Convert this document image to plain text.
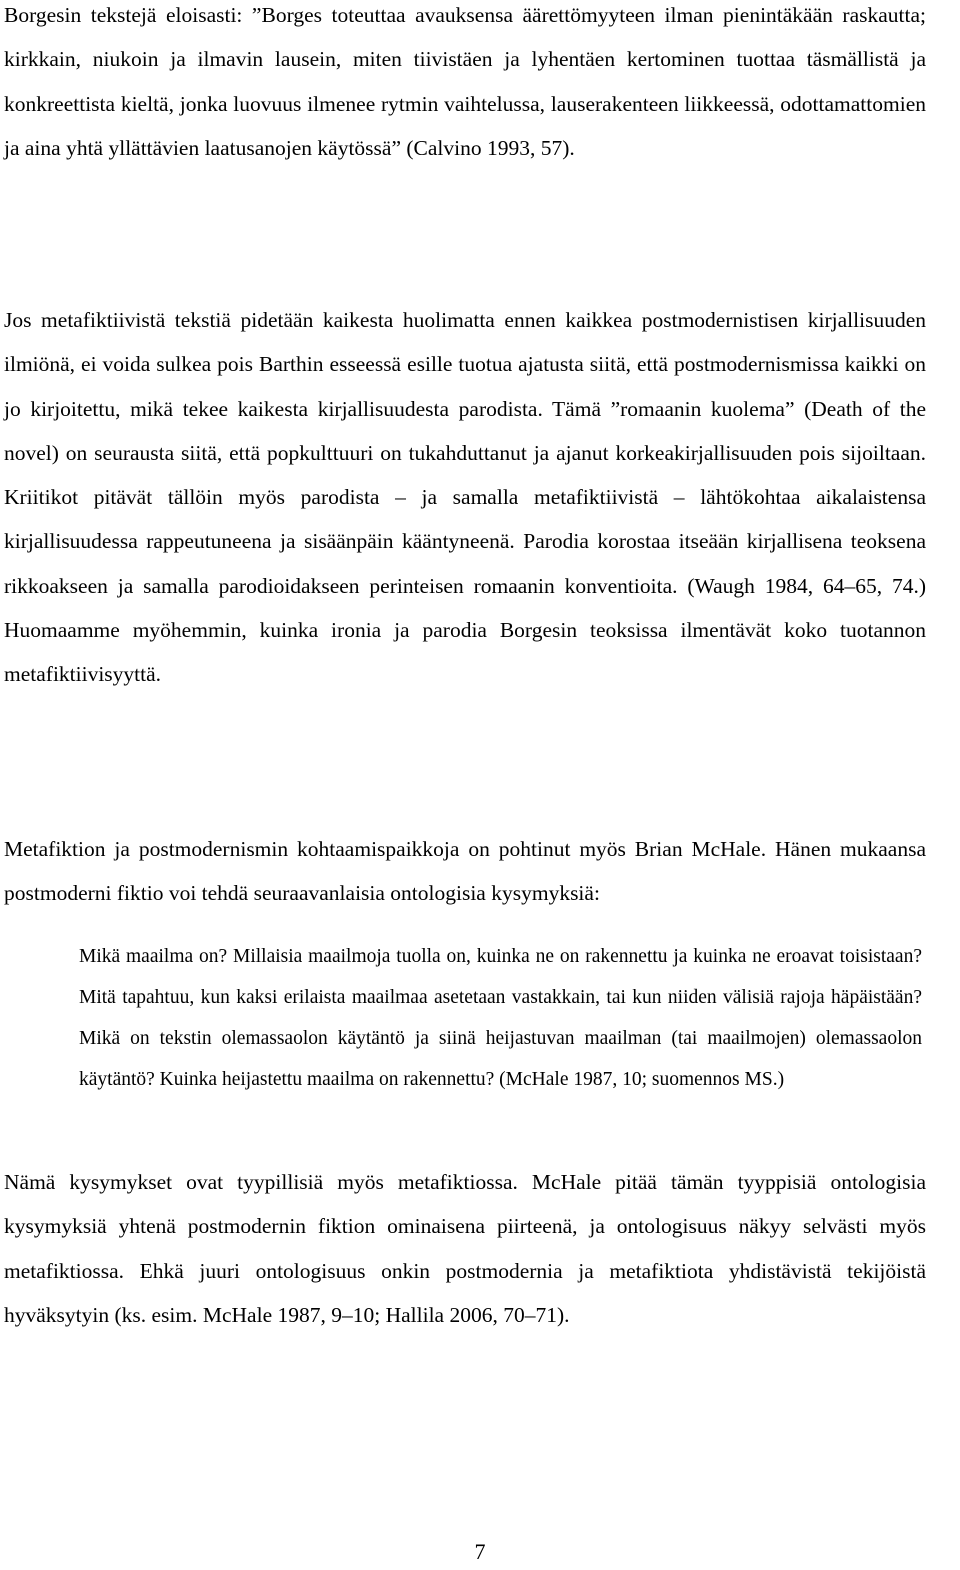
Borgesin tekstejä eloisasti: ”Borges toteuttaa avauksensa äärettömyyteen ilman pienintäkään raskautta; kirkkain, niukoin ja ilmavin lausein, miten tiivistäen ja lyhentäen kertominen tuottaa täsmällistä ja konkreettista kieltä, jonka luovuus ilmenee rytmin vaihtelussa, lauserakenteen liikkeessä, odottamattomien ja aina yhtä yllättävien laatusanojen käytössä” (Calvino 1993, 57).

Jos metafiktiivistä tekstiä pidetään kaikesta huolimatta ennen kaikkea postmodernistisen kirjallisuuden ilmiönä, ei voida sulkea pois Barthin esseessä esille tuotua ajatusta siitä, että postmodernismissa kaikki on jo kirjoitettu, mikä tekee kaikesta kirjallisuudesta parodista. Tämä ”romaanin kuolema” (Death of the novel) on seurausta siitä, että popkulttuuri on tukahduttanut ja ajanut korkeakirjallisuuden pois sijoiltaan. Kriitikot pitävät tällöin myös parodista – ja samalla metafiktiivistä – lähtökohtaa aikalaistensa kirjallisuudessa rappeutuneena ja sisäänpäin kääntyneenä. Parodia korostaa itseään kirjallisena teoksena rikkoakseen ja samalla parodioidakseen perinteisen romaanin konventioita. (Waugh 1984, 64–65, 74.) Huomaamme myöhemmin, kuinka ironia ja parodia Borgesin teoksissa ilmentävät koko tuotannon metafiktiivisyyttä.

Metafiktion ja postmodernismin kohtaamispaikkoja on pohtinut myös Brian McHale. Hänen mukaansa postmoderni fiktio voi tehdä seuraavanlaisia ontologisia kysymyksiä:

Mikä maailma on? Millaisia maailmoja tuolla on, kuinka ne on rakennettu ja kuinka ne eroavat toisistaan? Mitä tapahtuu, kun kaksi erilaista maailmaa asetetaan vastakkain, tai kun niiden välisiä rajoja häpäistään? Mikä on tekstin olemassaolon käytäntö ja siinä heijastuvan maailman (tai maailmojen) olemassaolon käytäntö? Kuinka heijastettu maailma on rakennettu? (McHale 1987, 10; suomennos MS.)

Nämä kysymykset ovat tyypillisiä myös metafiktiossa. McHale pitää tämän tyyppisiä ontologisia kysymyksiä yhtenä postmodernin fiktion ominaisena piirteenä, ja ontologisuus näkyy selvästi myös metafiktiossa. Ehkä juuri ontologisuus onkin postmodernia ja metafiktiota yhdistävistä tekijöistä hyväksytyin (ks. esim. McHale 1987, 9–10; Hallila 2006, 70–71).

7
